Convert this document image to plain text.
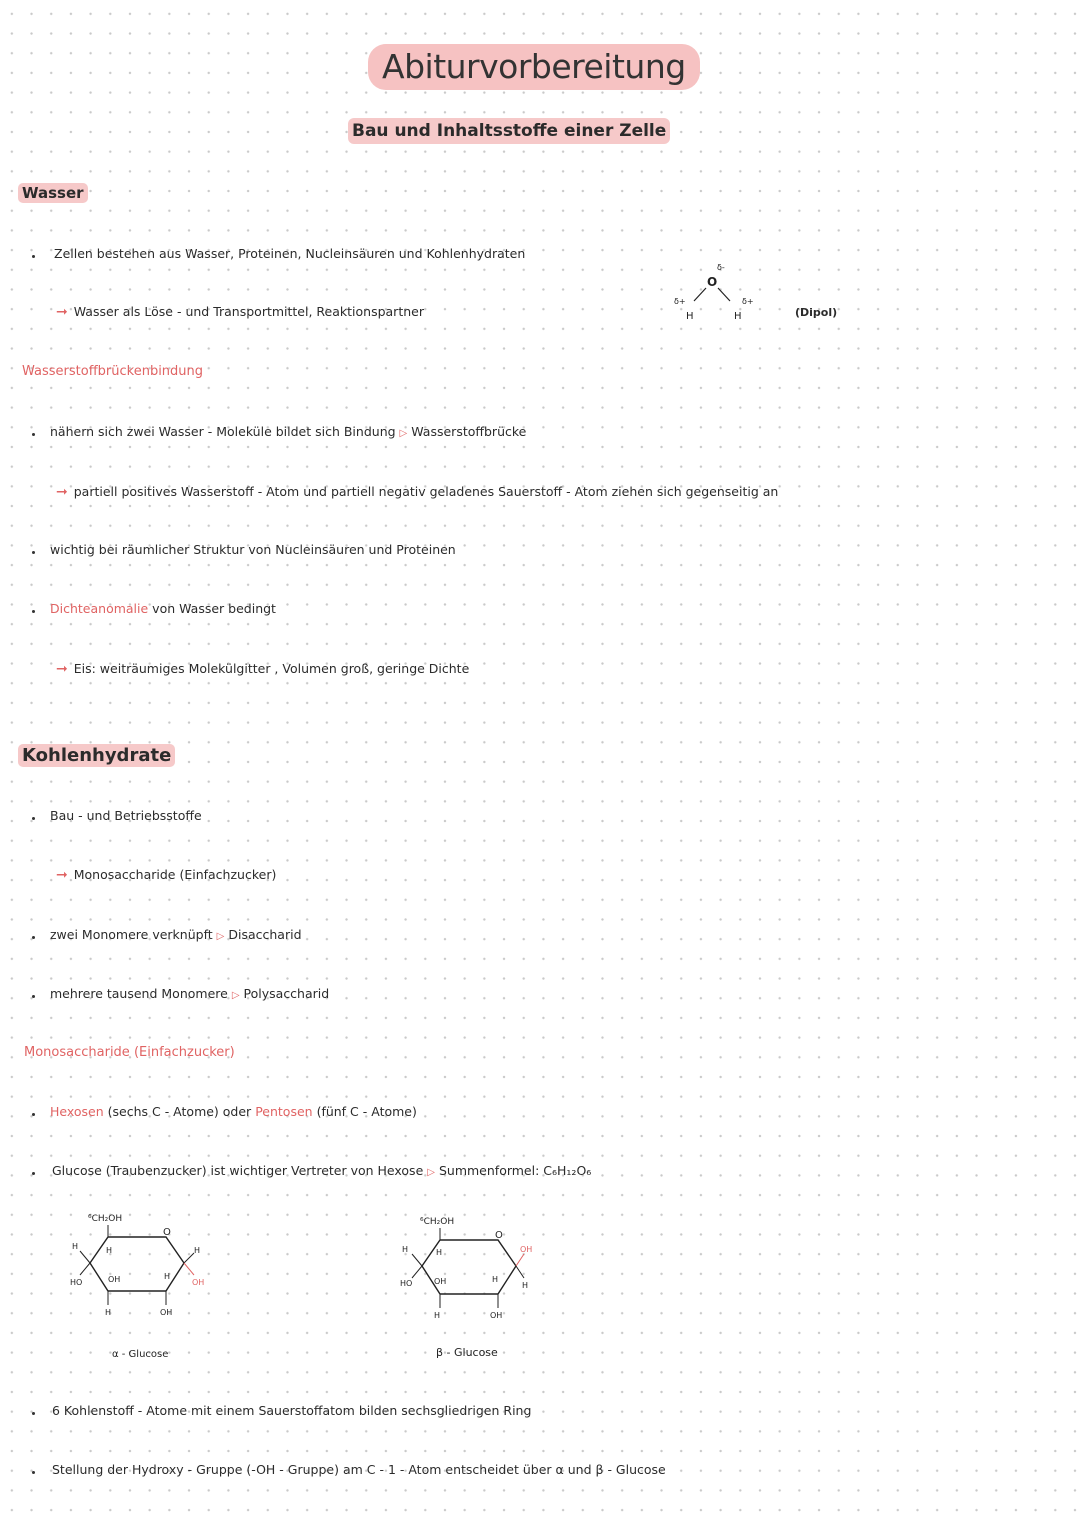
Abiturvorbereitung
Bau und Inhaltsstoffe einer Zelle
Wasser
Zellen bestehen aus Wasser, Proteinen, Nucleinsäuren und Kohlenhydraten
➞ Wasser als Löse - und Transportmittel, Reaktionspartner
O
δ-
H
δ+
H
δ+
(Dipol)
Wasserstoffbrückenbindung
nähern sich zwei Wasser - Moleküle bildet sich Bindung ▷ Wasserstoffbrücke
➞ partiell positives Wasserstoff - Atom und partiell negativ geladenes Sauerstoff - Atom ziehen sich gegenseitig an
wichtig bei räumlicher Struktur von Nucleinsäuren und Proteinen
Dichteanomalie von Wasser bedingt
➞ Eis: weiträumiges Molekülgitter , Volumen groß, geringe Dichte
Kohlenhydrate
Bau - und Betriebsstoffe
➞ Monosaccharide (Einfachzucker)
zwei Monomere verknüpft ▷ Disaccharid
mehrere tausend Monomere ▷ Polysaccharid
Monosaccharide (Einfachzucker)
Hexosen (sechs C - Atome) oder Pentosen (fünf C - Atome)
Glucose (Traubenzucker) ist wichtiger Vertreter von Hexose ▷ Summenformel: C₆H₁₂O₆
⁶CH₂OH
O
H
HO
H
OH
H
H
OH
H
OH
α - Glucose
⁶CH₂OH
O
H
HO
H
OH
H
H
OH
OH
H
β - Glucose
6 Kohlenstoff - Atome mit einem Sauerstoffatom bilden sechsgliedrigen Ring
Stellung der Hydroxy - Gruppe (-OH - Gruppe) am C - 1 - Atom entscheidet über α und β - Glucose
